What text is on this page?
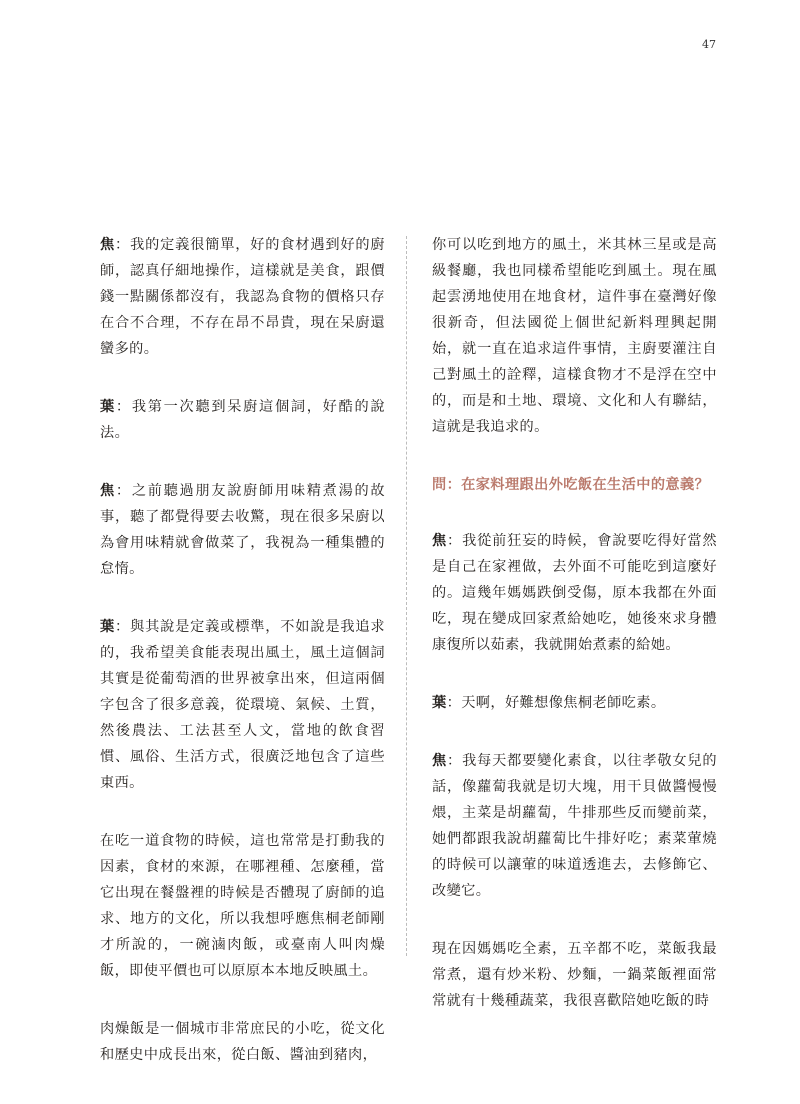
47

焦：我的定義很簡單，好的食材遇到好的廚師，認真仔細地操作，這樣就是美食，跟價錢一點關係都沒有，我認為食物的價格只存在合不合理，不存在昂不昂貴，現在呆廚還蠻多的。

葉：我第一次聽到呆廚這個詞，好酷的說法。

焦：之前聽過朋友說廚師用味精煮湯的故事，聽了都覺得要去收驚，現在很多呆廚以為會用味精就會做菜了，我視為一種集體的怠惰。

葉：與其說是定義或標準，不如說是我追求的，我希望美食能表現出風土，風土這個詞其實是從葡萄酒的世界被拿出來，但這兩個字包含了很多意義，從環境、氣候、土質，然後農法、工法甚至人文，當地的飲食習慣、風俗、生活方式，很廣泛地包含了這些東西。

在吃一道食物的時候，這也常常是打動我的因素，食材的來源，在哪裡種、怎麼種，當它出現在餐盤裡的時候是否體現了廚師的追求、地方的文化，所以我想呼應焦桐老師剛才所說的，一碗滷肉飯，或臺南人叫肉燥飯，即使平價也可以原原本本地反映風土。

肉燥飯是一個城市非常庶民的小吃，從文化和歷史中成長出來，從白飯、醬油到豬肉，

你可以吃到地方的風土，米其林三星或是高級餐廳，我也同樣希望能吃到風土。現在風起雲湧地使用在地食材，這件事在臺灣好像很新奇，但法國從上個世紀新料理興起開始，就一直在追求這件事情，主廚要灌注自己對風土的詮釋，這樣食物才不是浮在空中的，而是和土地、環境、文化和人有聯結，這就是我追求的。

問：在家料理跟出外吃飯在生活中的意義？

焦：我從前狂妄的時候，會說要吃得好當然是自己在家裡做，去外面不可能吃到這麼好的。這幾年媽媽跌倒受傷，原本我都在外面吃，現在變成回家煮給她吃，她後來求身體康復所以茹素，我就開始煮素的給她。

葉：天啊，好難想像焦桐老師吃素。

焦：我每天都要變化素食，以往孝敬女兒的話，像蘿蔔我就是切大塊，用干貝做醬慢慢煨，主菜是胡蘿蔔，牛排那些反而變前菜，她們都跟我說胡蘿蔔比牛排好吃；素菜葷燒的時候可以讓葷的味道透進去，去修飾它、改變它。

現在因媽媽吃全素，五辛都不吃，菜飯我最常煮，還有炒米粉、炒麵，一鍋菜飯裡面常常就有十幾種蔬菜，我很喜歡陪她吃飯的時
